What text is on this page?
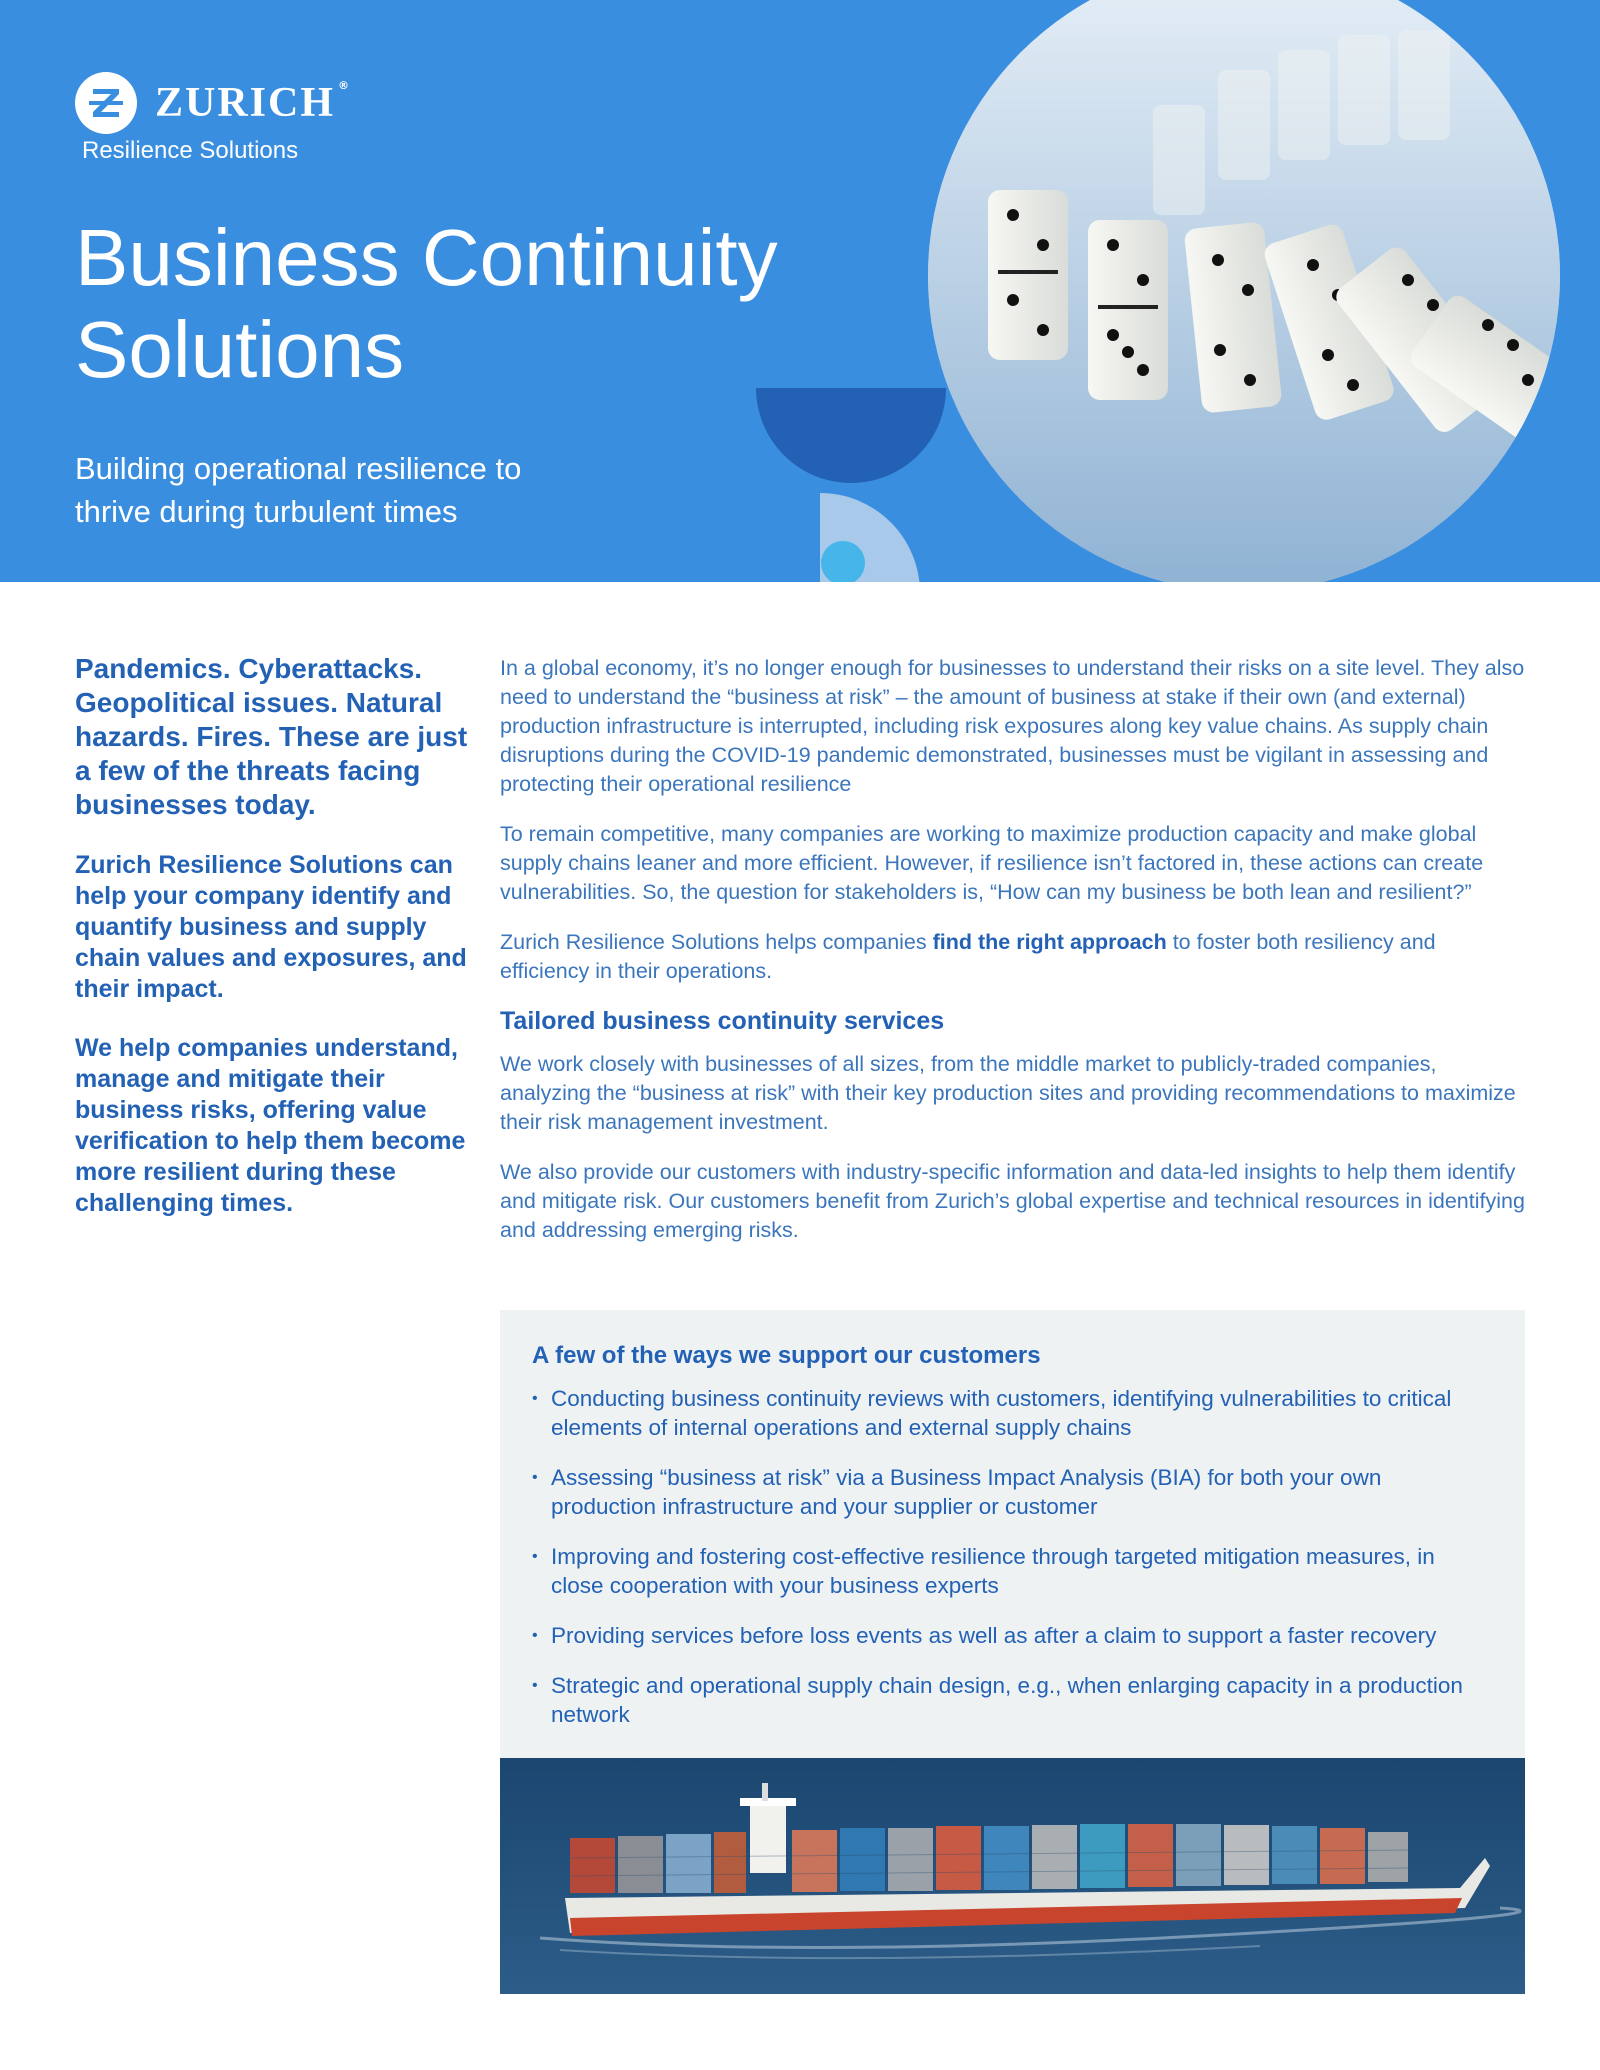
ZURICH ®
Resilience Solutions
Business Continuity
Solutions

Building operational resilience to
thrive during turbulent times

Pandemics. Cyberattacks. Geopolitical issues. Natural hazards. Fires. These are just a few of the threats facing businesses today.

Zurich Resilience Solutions can help your company identify and quantify business and supply chain values and exposures, and their impact.

We help companies understand, manage and mitigate their business risks, offering value verification to help them become more resilient during these challenging times.

In a global economy, it’s no longer enough for businesses to understand their risks on a site level. They also need to understand the “business at risk” – the amount of business at stake if their own (and external) production infrastructure is interrupted, including risk exposures along key value chains. As supply chain disruptions during the COVID-19 pandemic demonstrated, businesses must be vigilant in assessing and protecting their operational resilience

To remain competitive, many companies are working to maximize production capacity and make global supply chains leaner and more efficient. However, if resilience isn’t factored in, these actions can create vulnerabilities. So, the question for stakeholders is, “How can my business be both lean and resilient?”

Zurich Resilience Solutions helps companies find the right approach to foster both resiliency and efficiency in their operations.

Tailored business continuity services

We work closely with businesses of all sizes, from the middle market to publicly-traded companies, analyzing the “business at risk” with their key production sites and providing recommendations to maximize their risk management investment.

We also provide our customers with industry-specific information and data-led insights to help them identify and mitigate risk. Our customers benefit from Zurich’s global expertise and technical resources in identifying and addressing emerging risks.

A few of the ways we support our customers
• Conducting business continuity reviews with customers, identifying vulnerabilities to critical elements of internal operations and external supply chains
• Assessing “business at risk” via a Business Impact Analysis (BIA) for both your own production infrastructure and your supplier or customer
• Improving and fostering cost-effective resilience through targeted mitigation measures, in close cooperation with your business experts
• Providing services before loss events as well as after a claim to support a faster recovery
• Strategic and operational supply chain design, e.g., when enlarging capacity in a production network
